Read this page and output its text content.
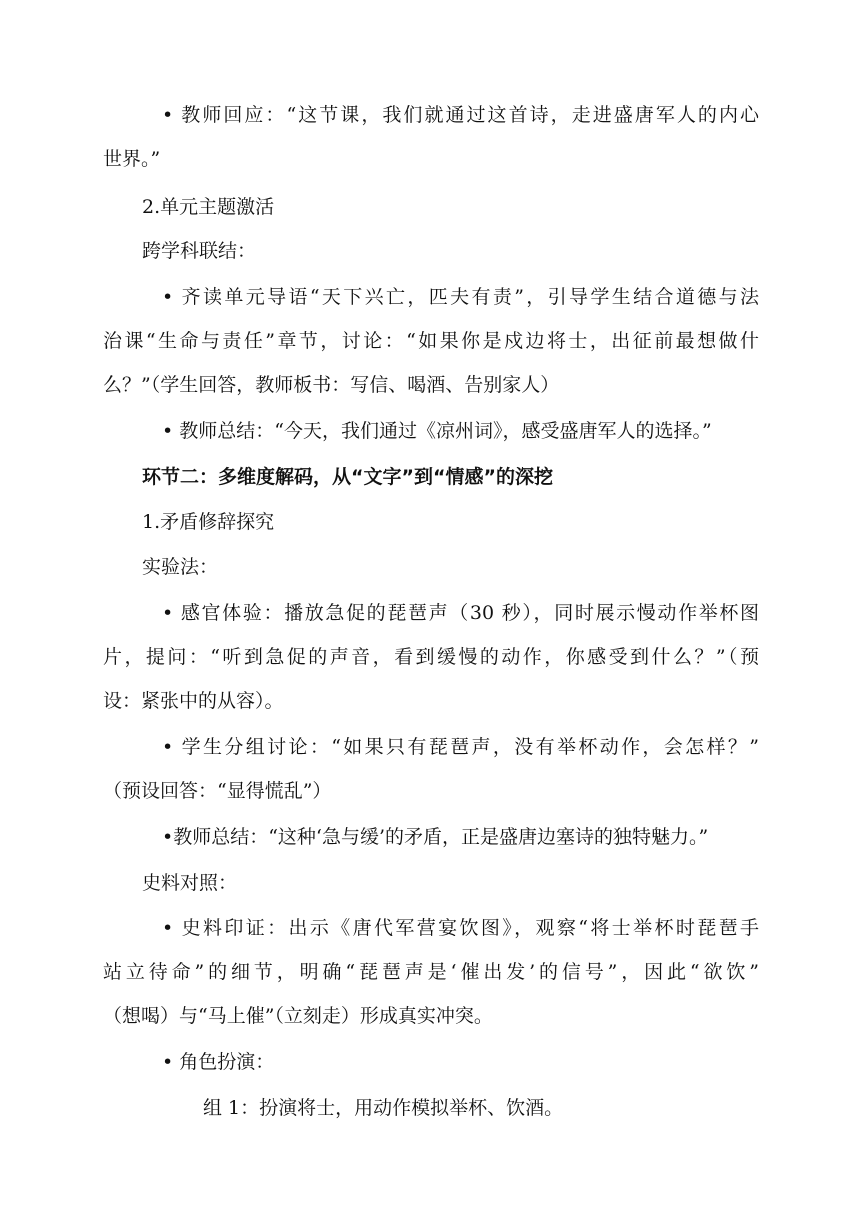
• 教师回应：“这节课，我们就通过这首诗，走进盛唐军人的内心
世界。”
2.单元主题激活
跨学科联结：
• 齐读单元导语“天下兴亡，匹夫有责”，引导学生结合道德与法
治课“生命与责任”章节，讨论：“如果你是戍边将士，出征前最想做什
么？”（学生回答，教师板书：写信、喝酒、告别家人）
• 教师总结：“今天，我们通过《凉州词》，感受盛唐军人的选择。”
环节二：多维度解码，从“文字”到“情感”的深挖
1.矛盾修辞探究
实验法：
• 感官体验：播放急促的琵琶声（30 秒），同时展示慢动作举杯图
片，提问：“听到急促的声音，看到缓慢的动作，你感受到什么？”（预
设：紧张中的从容）。
• 学生分组讨论：“如果只有琵琶声，没有举杯动作，会怎样？”
（预设回答：“显得慌乱”）
•教师总结：“这种‘急与缓’的矛盾，正是盛唐边塞诗的独特魅力。”
史料对照：
• 史料印证：出示《唐代军营宴饮图》，观察“将士举杯时琵琶手
站立待命”的细节，明确“琵琶声是‘催出发’的信号”，因此“欲饮”
（想喝）与“马上催”（立刻走）形成真实冲突。
• 角色扮演：
组 1：扮演将士，用动作模拟举杯、饮酒。
